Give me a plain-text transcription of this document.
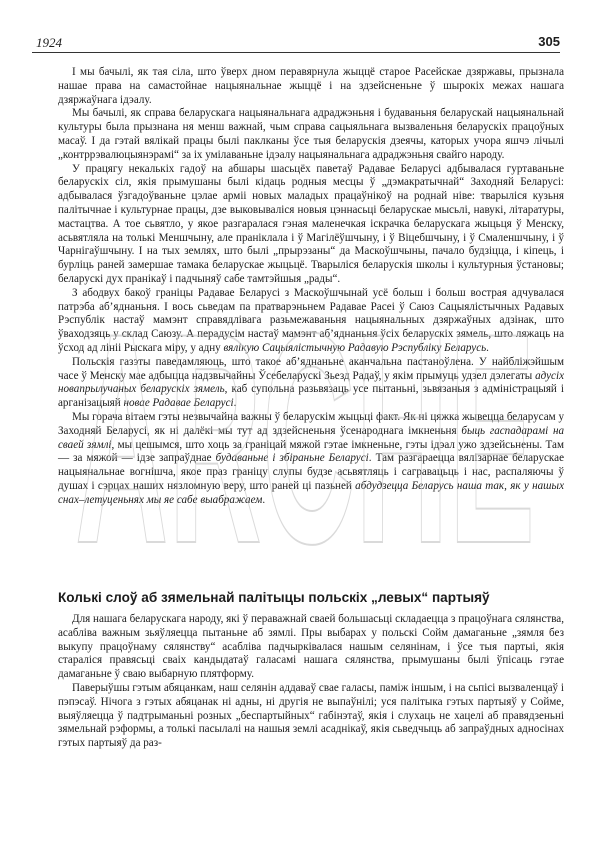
1924	305

І мы бачылі, як тая сіла, што ўверх дном перавярнула жыццё старое Расейскае дзяржавы, прызнала нашае права на самастойнае нацыянальнае жыццё і на здзейсненьне ў шырокіх межах нашага дзяржаўнага ідэалу.

Мы бачылі, як справа беларускага нацыянальнага адраджэньня і будаваньня беларускай нацыянальнай культуры была прызнана ня менш важнай, чым справа сацыяльнага вызваленьня беларускіх працоўных масаў. І да гэтай вялікай працы былі паклканы ўсе тыя беларускія дзеячы, каторых учора яшчэ лічылі „контррэвалюцыянэрамі“ за іх умілаваньне ідэалу нацыянальнага адраджэньня свайго народу.

У працягу некалькіх гадоў на абшары шасьцёх паветаў Радавае Беларусі адбывалася гуртаваньне беларускіх сіл, якія прымушаны былі кідаць родныя месцы ў „дэмакратычнай“ Заходняй Беларусі: адбывалася ўзгадоўваньне цэлае арміі новых маладых працаўнікоў на роднай ніве: тварыліся кузьня палітычнае і культурнае працы, дзе выковываліся новыя цэннасьці беларускае мысьлі, навукі, літаратуры, мастацтва. А тое сьвятло, у якое разгаралася гэная маленечкая іскрачка беларускага жыцьця ў Менску, асьвятляла на толькі Меншчыну, але праніклала і ў Магілёўшчыну, і ў Віцебшчыну, і ў Смаленшчыну, і ў Чарнігаўшчыну. І на тых землях, што былі „прырэзаны“ да Маскоўшчыны, пачало будзіцца, і кіпець, і бурліць раней замершае тамака беларускае жыцьцё. Тварыліся беларускія школы і культурныя ўстановы; беларускі дух пранікаў і падчыняў сабе тамтэйшыя „рады“.

З абодвух бакоў граніцы Радавае Беларусі з Маскоўшчынай усё больш і больш вострая адчувалася патрэба аб’яднаньня. І вось сьведам па пратварэньнем Радавае Расеі ў Саюз Сацыялістычных Радавых Рэспублік настаў мамэнт справядлівага разьмежаваньня нацыянальных дзяржаўных адзінак, што ўваходзяць у склад Саюзу. А перадусім настаў мамэнт аб’яднаньня ўсіх беларускіх зямель, што ляжаць на ўсход ад лініі Рыскага міру, у адну вялікую Сацыялістычную Радавую Рэспубліку Беларусь.

Польскія газэты паведамляюць, што такое аб’яднаньне аканчальна пастаноўлена. У найбліжэйшым часе ў Менску мае адбыцца надзвычайны Ўсебеларускі Зьезд Радаў, у якім прымуць удзел дэлегаты адусіх новапрылучаных беларускіх зямель, каб супольна разьвязаць усе пытаньні, зьвязаныя з адміністрацыяй і арганізацыяй новае Радавае Беларусі.

Мы горача вітаем гэты незвычайна важны ў беларускім жыцьці факт. Як ні цяжка жывецца беларусам у Заходняй Беларусі, як ні далёкі мы тут ад здзейсненьня ўсенароднага імкненьня быць гаспадарамі на сваей зямлі, мы цешымся, што хоць за граніцай мяжой гэтае імкненьне, гэты ідэал ужо здзейсьнены. Там — за мяжой — ідзе запраўднае будаваньне і збіраньне Беларусі. Там разгараецца вялізарнае беларускае нацыянальнае вогнішча, якое праз граніцу слупы будзе асьвятляць і сагравацьць і нас, распаляючы ў душах і сэрцах наших нязломную веру, што раней ці пазьней абдудзецца Беларусь наша так, як у нашых снах–летуценьнях мы яе сабе выабражаем.

Колькі слоў аб зямельнай палітыцы польскіх „левых“ партыяў

Для нашага беларускага народу, які ў пераважнай сваей большасьці складаецца з працоўнага сялянства, асабліва важным зьяўляецца пытаньне аб зямлі. Пры выбарах у польскі Сойм дамаганьне „зямля без выкупу працоўнаму сялянству“ асабліва падчырківалася нашым селянінам, і ўсе тыя партыі, якія стараліся правясьці сваіх кандыдатаў галасамі нашага сялянства, прымушаны былі ўпісаць гэтае дамаганьне ў сваю выбарную плятформу.

Паверыўшы гэтым абяцанкам, наш селянін аддаваў свае галасы, паміж іншым, і на сьпісі вызваленцаў і пэпэсаў. Нічога з гэтых абяцанак ні адны, ні другія не выпаўнілі; уся палітыка гэтых партыяў у Сойме, выяўляецца ў падтрыманьні розных „беспартыйных“ габінэтаў, якія і слухаць не хацелі аб правядзеньні зямельнай рэформы, а толькі пасылалі на нашыя землі асаднікаў, якія сьведчыць аб запраўдных адносінах гэтых партыяў да раз-

ARCHE
